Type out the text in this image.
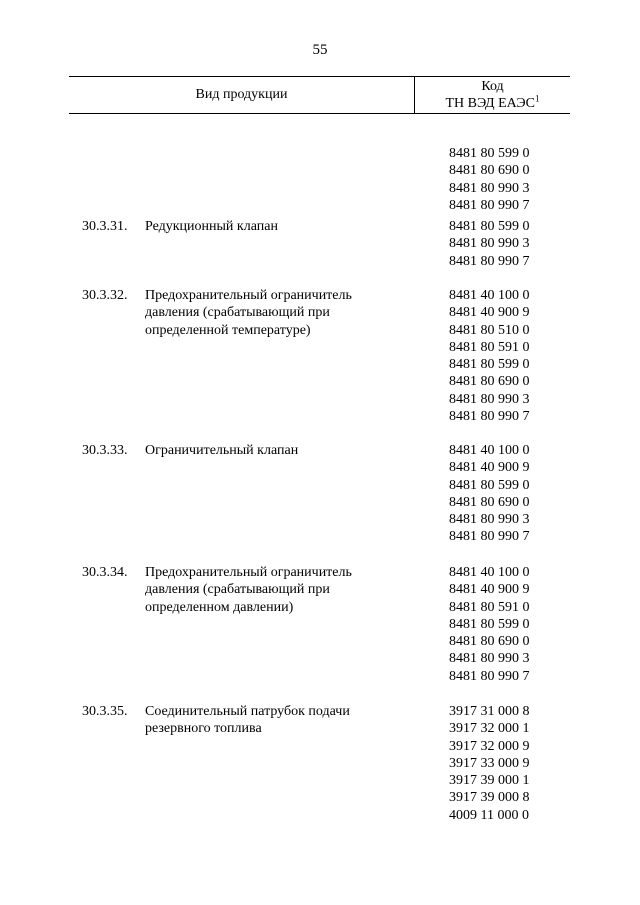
55
Вид продукции
Код
ТН ВЭД ЕАЭС$^1$
8481 80 599 0
8481 80 690 0
8481 80 990 3
8481 80 990 7
30.3.31. Редукционный клапан	8481 80 599 0
8481 80 990 3
8481 80 990 7
30.3.32. Предохранительный ограничитель давления (срабатывающий при определенной температуре)
8481 40 100 0
8481 40 900 9
8481 80 510 0
8481 80 591 0
8481 80 599 0
8481 80 690 0
8481 80 990 3
8481 80 990 7
30.3.33. Ограничительный клапан	8481 40 100 0
8481 40 900 9
8481 80 599 0
8481 80 690 0
8481 80 990 3
8481 80 990 7
30.3.34. Предохранительный ограничитель давления (срабатывающий при определенном давлении)
8481 40 100 0
8481 40 900 9
8481 80 591 0
8481 80 599 0
8481 80 690 0
8481 80 990 3
8481 80 990 7
30.3.35. Соединительный патрубок подачи резервного топлива
3917 31 000 8
3917 32 000 1
3917 32 000 9
3917 33 000 9
3917 39 000 1
3917 39 000 8
4009 11 000 0
